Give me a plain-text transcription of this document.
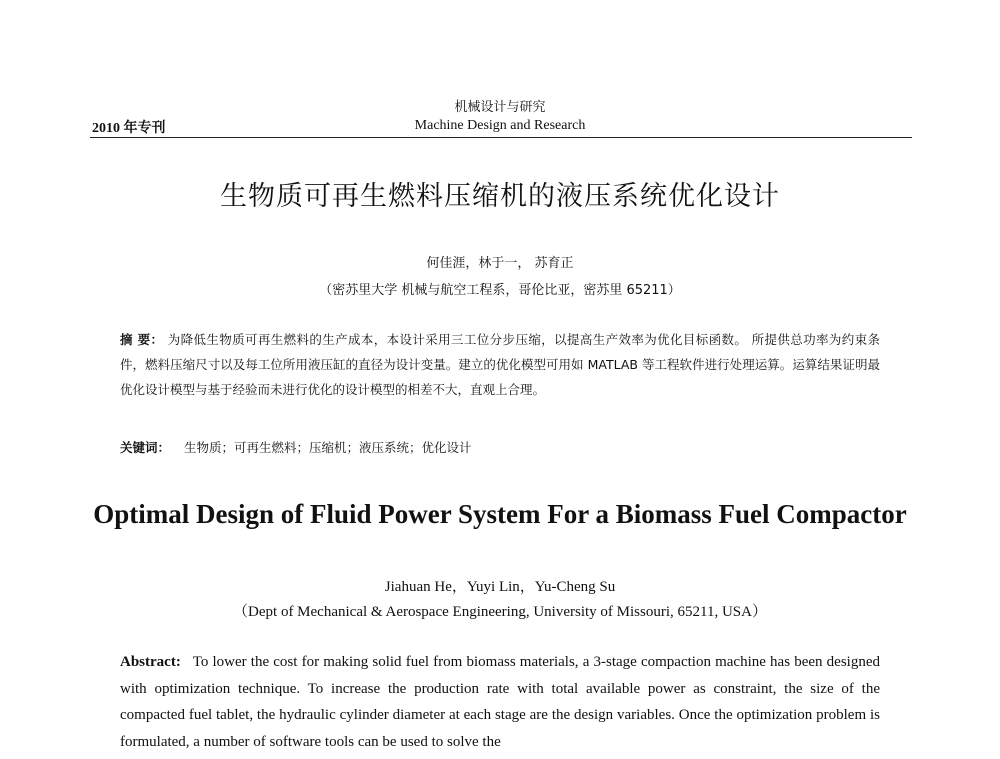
机械设计与研究
2010 年专刊	Machine Design and Research
生物质可再生燃料压缩机的液压系统优化设计
何佳涯，林于一， 苏育正
（密苏里大学 机械与航空工程系，哥伦比亚，密苏里 65211）
摘 要： 为降低生物质可再生燃料的生产成本，本设计采用三工位分步压缩，以提高生产效率为优化目标函数。 所提供总功率为约束条件，燃料压缩尺寸以及每工位所用液压缸的直径为设计变量。建立的优化模型可用如 MATLAB 等工程软件进行处理运算。运算结果证明最优化设计模型与基于经验而未进行优化的设计模型的相差不大，直观上合理。
关键词： 生物质；可再生燃料；压缩机；液压系统；优化设计
Optimal Design of Fluid Power System For a Biomass Fuel Compactor
Jiahuan He，Yuyi Lin，Yu-Cheng Su
（Dept of Mechanical & Aerospace Engineering, University of Missouri, 65211, USA）
Abstract: To lower the cost for making solid fuel from biomass materials, a 3-stage compaction machine has been designed with optimization technique. To increase the production rate with total available power as constraint, the size of the compacted fuel tablet, the hydraulic cylinder diameter at each stage are the design variables. Once the optimization problem is formulated, a number of software tools can be used to solve the
